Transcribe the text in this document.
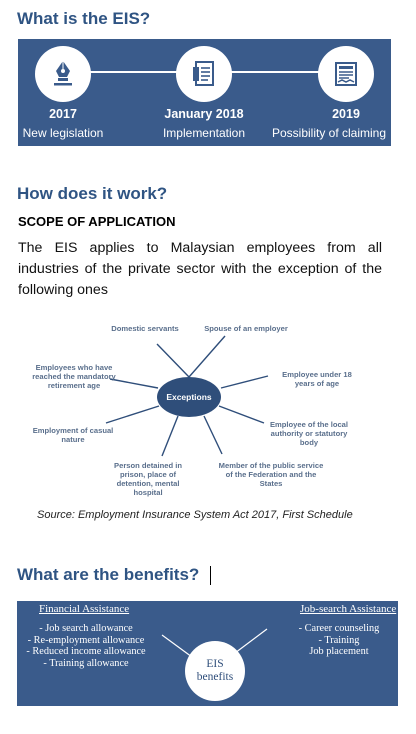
What is the EIS?
2017
New legislation
January 2018
Implementation
2019
Possibility of claiming
How does it work?
SCOPE OF APPLICATION
The EIS applies to Malaysian employees from all industries of the private sector with the exception of the following ones
Exceptions
Domestic servants	Spouse of an employer
Employee under 18 years of age
Employee of the local authority or statutory body
Member of the public service of the Federation and the States
Person detained in prison, place of detention, mental hospital
Employment of casual nature
Employees who have reached the mandatory retirement age
Source: Employment Insurance System Act 2017, First Schedule
What are the benefits?
Financial Assistance
- Job search allowance
- Re-employment allowance
- Reduced income allowance
- Training allowance
Job-search Assistance
- Career counseling
- Training
Job placement
EIS
benefits
